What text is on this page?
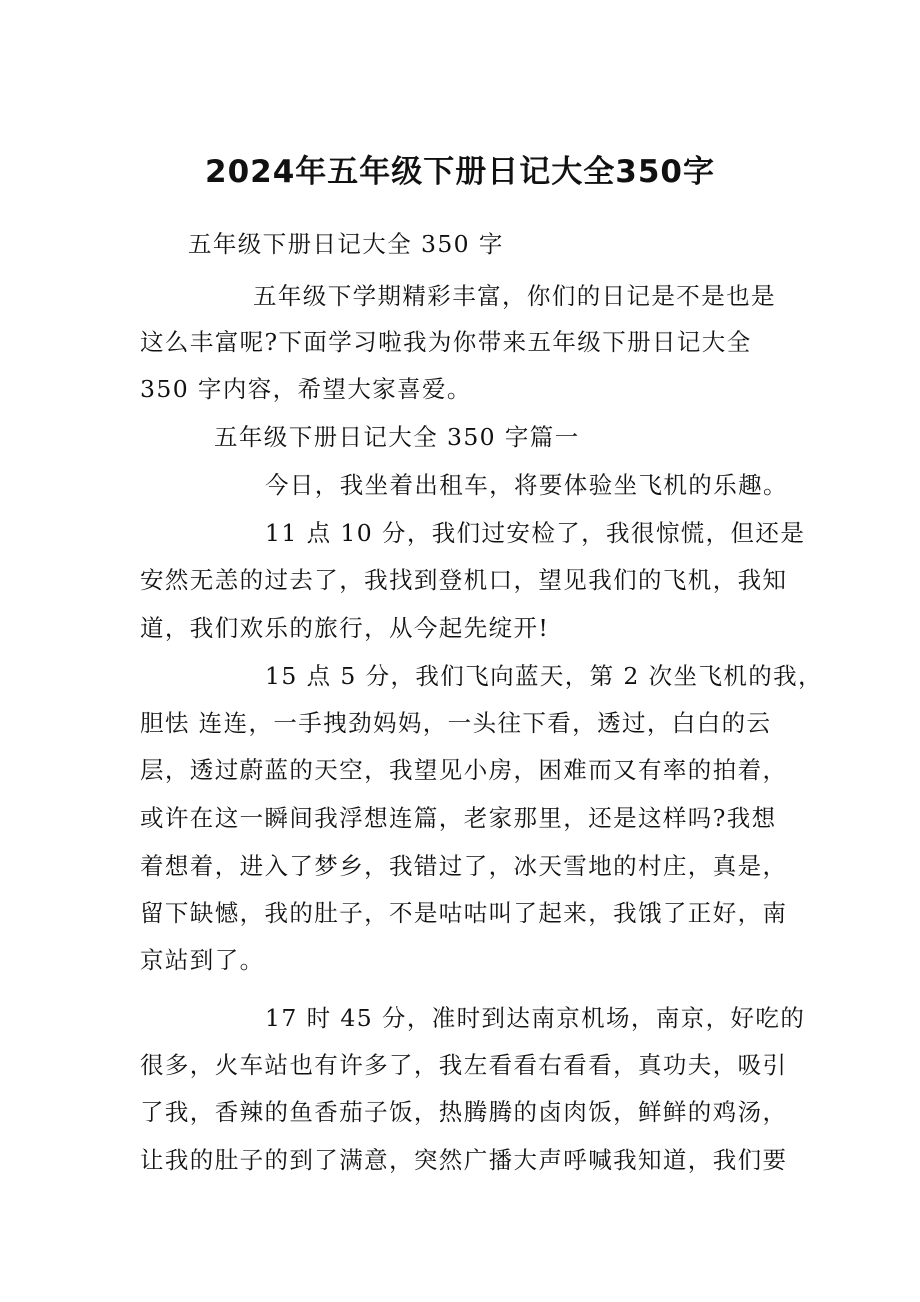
2024年五年级下册日记大全350字
五年级下册日记大全 350 字
五年级下学期精彩丰富，你们的日记是不是也是
这么丰富呢?下面学习啦我为你带来五年级下册日记大全
350 字内容，希望大家喜爱。
五年级下册日记大全 350 字篇一
今日，我坐着出租车，将要体验坐飞机的乐趣。
11 点 10 分，我们过安检了，我很惊慌，但还是
安然无恙的过去了，我找到登机口，望见我们的飞机，我知
道，我们欢乐的旅行，从今起先绽开!
15 点 5 分，我们飞向蓝天，第 2 次坐飞机的我，
胆怯 连连，一手拽劲妈妈，一头往下看，透过，白白的云
层，透过蔚蓝的天空，我望见小房，困难而又有率的拍着，
或许在这一瞬间我浮想连篇，老家那里，还是这样吗?我想
着想着，进入了梦乡，我错过了，冰天雪地的村庄，真是，
留下缺憾，我的肚子，不是咕咕叫了起来，我饿了正好，南
京站到了。
17 时 45 分，准时到达南京机场，南京，好吃的
很多，火车站也有许多了，我左看看右看看，真功夫，吸引
了我，香辣的鱼香茄子饭，热腾腾的卤肉饭，鲜鲜的鸡汤，
让我的肚子的到了满意，突然广播大声呼喊我知道，我们要
